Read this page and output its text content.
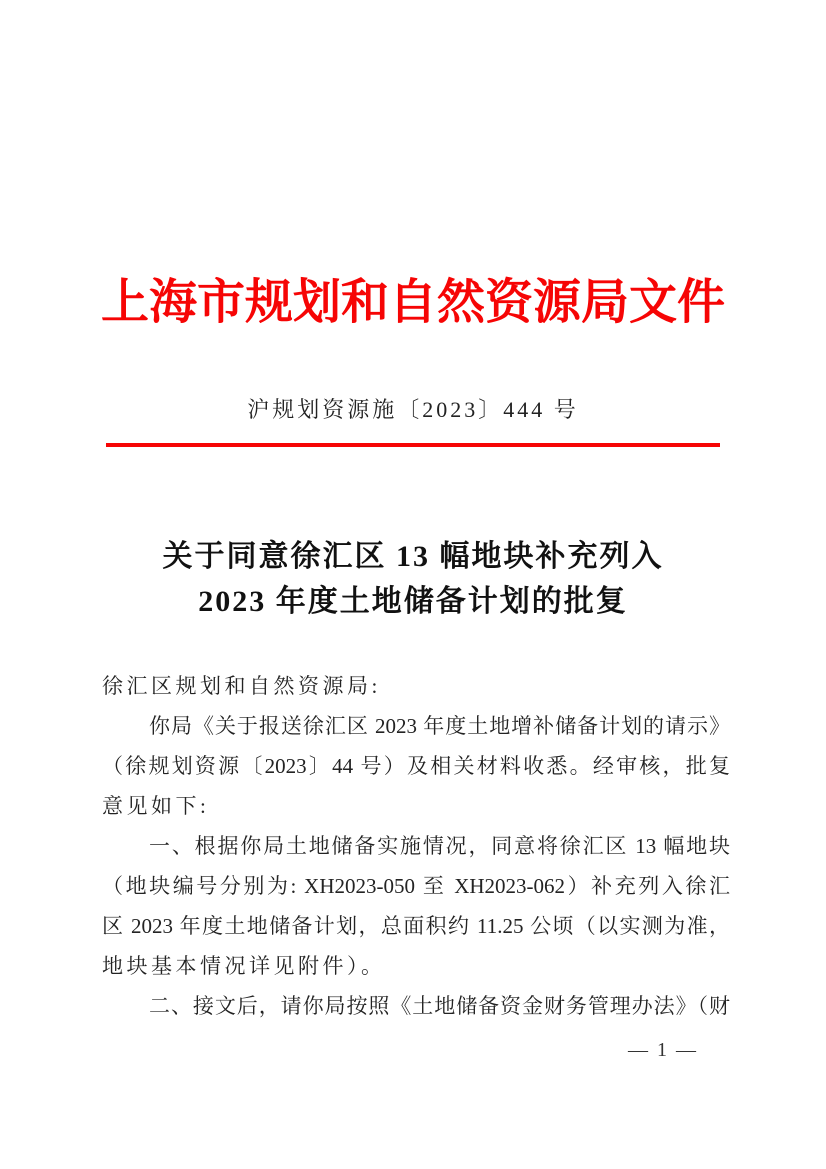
上海市规划和自然资源局文件
沪规划资源施〔2023〕444 号
关于同意徐汇区 13 幅地块补充列入
2023 年度土地储备计划的批复
徐汇区规划和自然资源局:
你局《关于报送徐汇区 2023 年度土地增补储备计划的请示》
（徐规划资源〔2023〕44 号）及相关材料收悉。经审核，批复
意见如下:
一、根据你局土地储备实施情况，同意将徐汇区 13 幅地块
（地块编号分别为: XH2023-050 至 XH2023-062）补充列入徐汇
区 2023 年度土地储备计划，总面积约 11.25 公顷（以实测为准，
地块基本情况详见附件）。
二、接文后，请你局按照《土地储备资金财务管理办法》（财
— 1 —
